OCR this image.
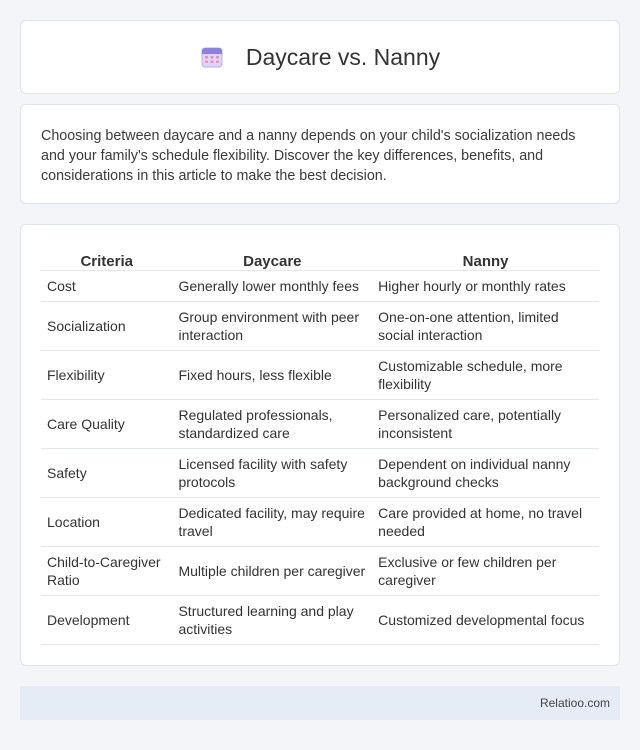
Daycare vs. Nanny

Choosing between daycare and a nanny depends on your child's socialization needs and your family's schedule flexibility. Discover the key differences, benefits, and considerations in this article to make the best decision.

Criteria	Daycare	Nanny
Cost	Generally lower monthly fees	Higher hourly or monthly rates
Socialization	Group environment with peer interaction	One-on-one attention, limited social interaction
Flexibility	Fixed hours, less flexible	Customizable schedule, more flexibility
Care Quality	Regulated professionals, standardized care	Personalized care, potentially inconsistent
Safety	Licensed facility with safety protocols	Dependent on individual nanny background checks
Location	Dedicated facility, may require travel	Care provided at home, no travel needed
Child-to-Caregiver Ratio	Multiple children per caregiver	Exclusive or few children per caregiver
Development	Structured learning and play activities	Customized developmental focus
Relatioo.com
